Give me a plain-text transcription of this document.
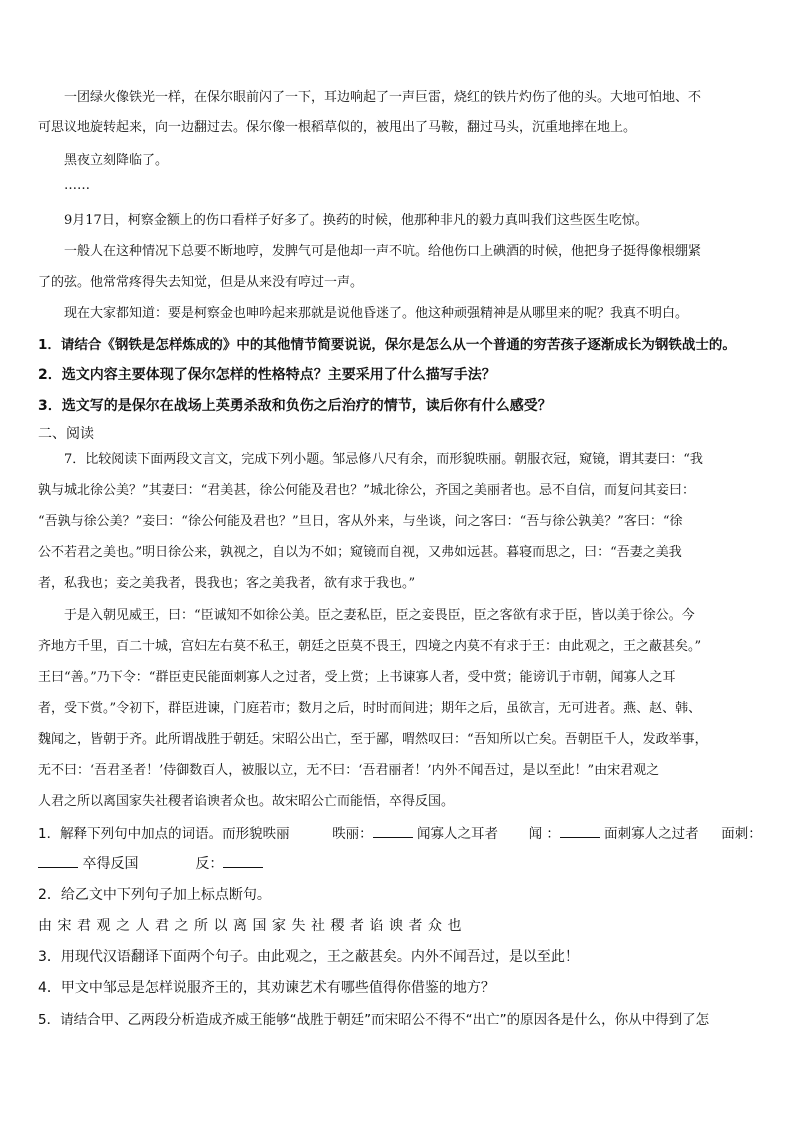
一团绿火像铁光一样，在保尔眼前闪了一下，耳边响起了一声巨雷，烧红的铁片灼伤了他的头。大地可怕地、不
可思议地旋转起来，向一边翻过去。保尔像一根稻草似的，被甩出了马鞍，翻过马头，沉重地摔在地上。
黑夜立刻降临了。
……
9月17日，柯察金额上的伤口看样子好多了。换药的时候，他那种非凡的毅力真叫我们这些医生吃惊。
一般人在这种情况下总要不断地哼，发脾气可是他却一声不吭。给他伤口上碘酒的时候，他把身子挺得像根绷紧
了的弦。他常常疼得失去知觉，但是从来没有哼过一声。
现在大家都知道：要是柯察金也呻吟起来那就是说他昏迷了。他这种顽强精神是从哪里来的呢？我真不明白。
1．请结合《钢铁是怎样炼成的》中的其他情节简要说说，保尔是怎么从一个普通的穷苦孩子逐渐成长为钢铁战士的。
2．选文内容主要体现了保尔怎样的性格特点？主要采用了什么描写手法？
3．选文写的是保尔在战场上英勇杀敌和负伤之后治疗的情节，读后你有什么感受？
二、阅读
7．比较阅读下面两段文言文，完成下列小题。邹忌修八尺有余，而形貌昳丽。朝服衣冠，窥镜，谓其妻曰：“我
孰与城北徐公美？”其妻曰：“君美甚，徐公何能及君也？”城北徐公，齐国之美丽者也。忌不自信，而复问其妾曰：
“吾孰与徐公美？”妾曰：“徐公何能及君也？”旦日，客从外来，与坐谈，问之客曰：“吾与徐公孰美？”客曰：“徐
公不若君之美也。”明日徐公来，孰视之，自以为不如；窥镜而自视，又弗如远甚。暮寝而思之，曰：“吾妻之美我
者，私我也；妾之美我者，畏我也；客之美我者，欲有求于我也。”
于是入朝见威王，曰：“臣诚知不如徐公美。臣之妻私臣，臣之妾畏臣，臣之客欲有求于臣，皆以美于徐公。今
齐地方千里，百二十城，宫妇左右莫不私王，朝廷之臣莫不畏王，四境之内莫不有求于王：由此观之，王之蔽甚矣。”
王曰“善。”乃下令：“群臣吏民能面刺寡人之过者，受上赏；上书谏寡人者，受中赏；能谤讥于市朝，闻寡人之耳
者，受下赏。”令初下，群臣进谏，门庭若市；数月之后，时时而间进；期年之后，虽欲言，无可进者。燕、赵、韩、
魏闻之，皆朝于齐。此所谓战胜于朝廷。宋昭公出亡，至于鄙，喟然叹曰：“吾知所以亡矣。吾朝臣千人，发政举事，
无不曰：‘吾君圣者！’侍御数百人，被服以立，无不曰：‘吾君丽者！’内外不闻吾过，是以至此！”由宋君观之
人君之所以离国家失社稷者谄谀者众也。故宋昭公亡而能悟，卒得反国。
1．解释下列句中加点的词语。而形貌昳丽	昳丽：	闻寡人之耳者 闻 ：	面刺寡人之过者 面刺：
卒得反国	反：
2．给乙文中下列句子加上标点断句。
由宋君观之人君之所以离国家失社稷者谄谀者众也
3．用现代汉语翻译下面两个句子。由此观之，王之蔽甚矣。内外不闻吾过，是以至此！
4．甲文中邹忌是怎样说服齐王的，其劝谏艺术有哪些值得你借鉴的地方？
5．请结合甲、乙两段分析造成齐威王能够“战胜于朝廷”而宋昭公不得不“出亡”的原因各是什么，你从中得到了怎
